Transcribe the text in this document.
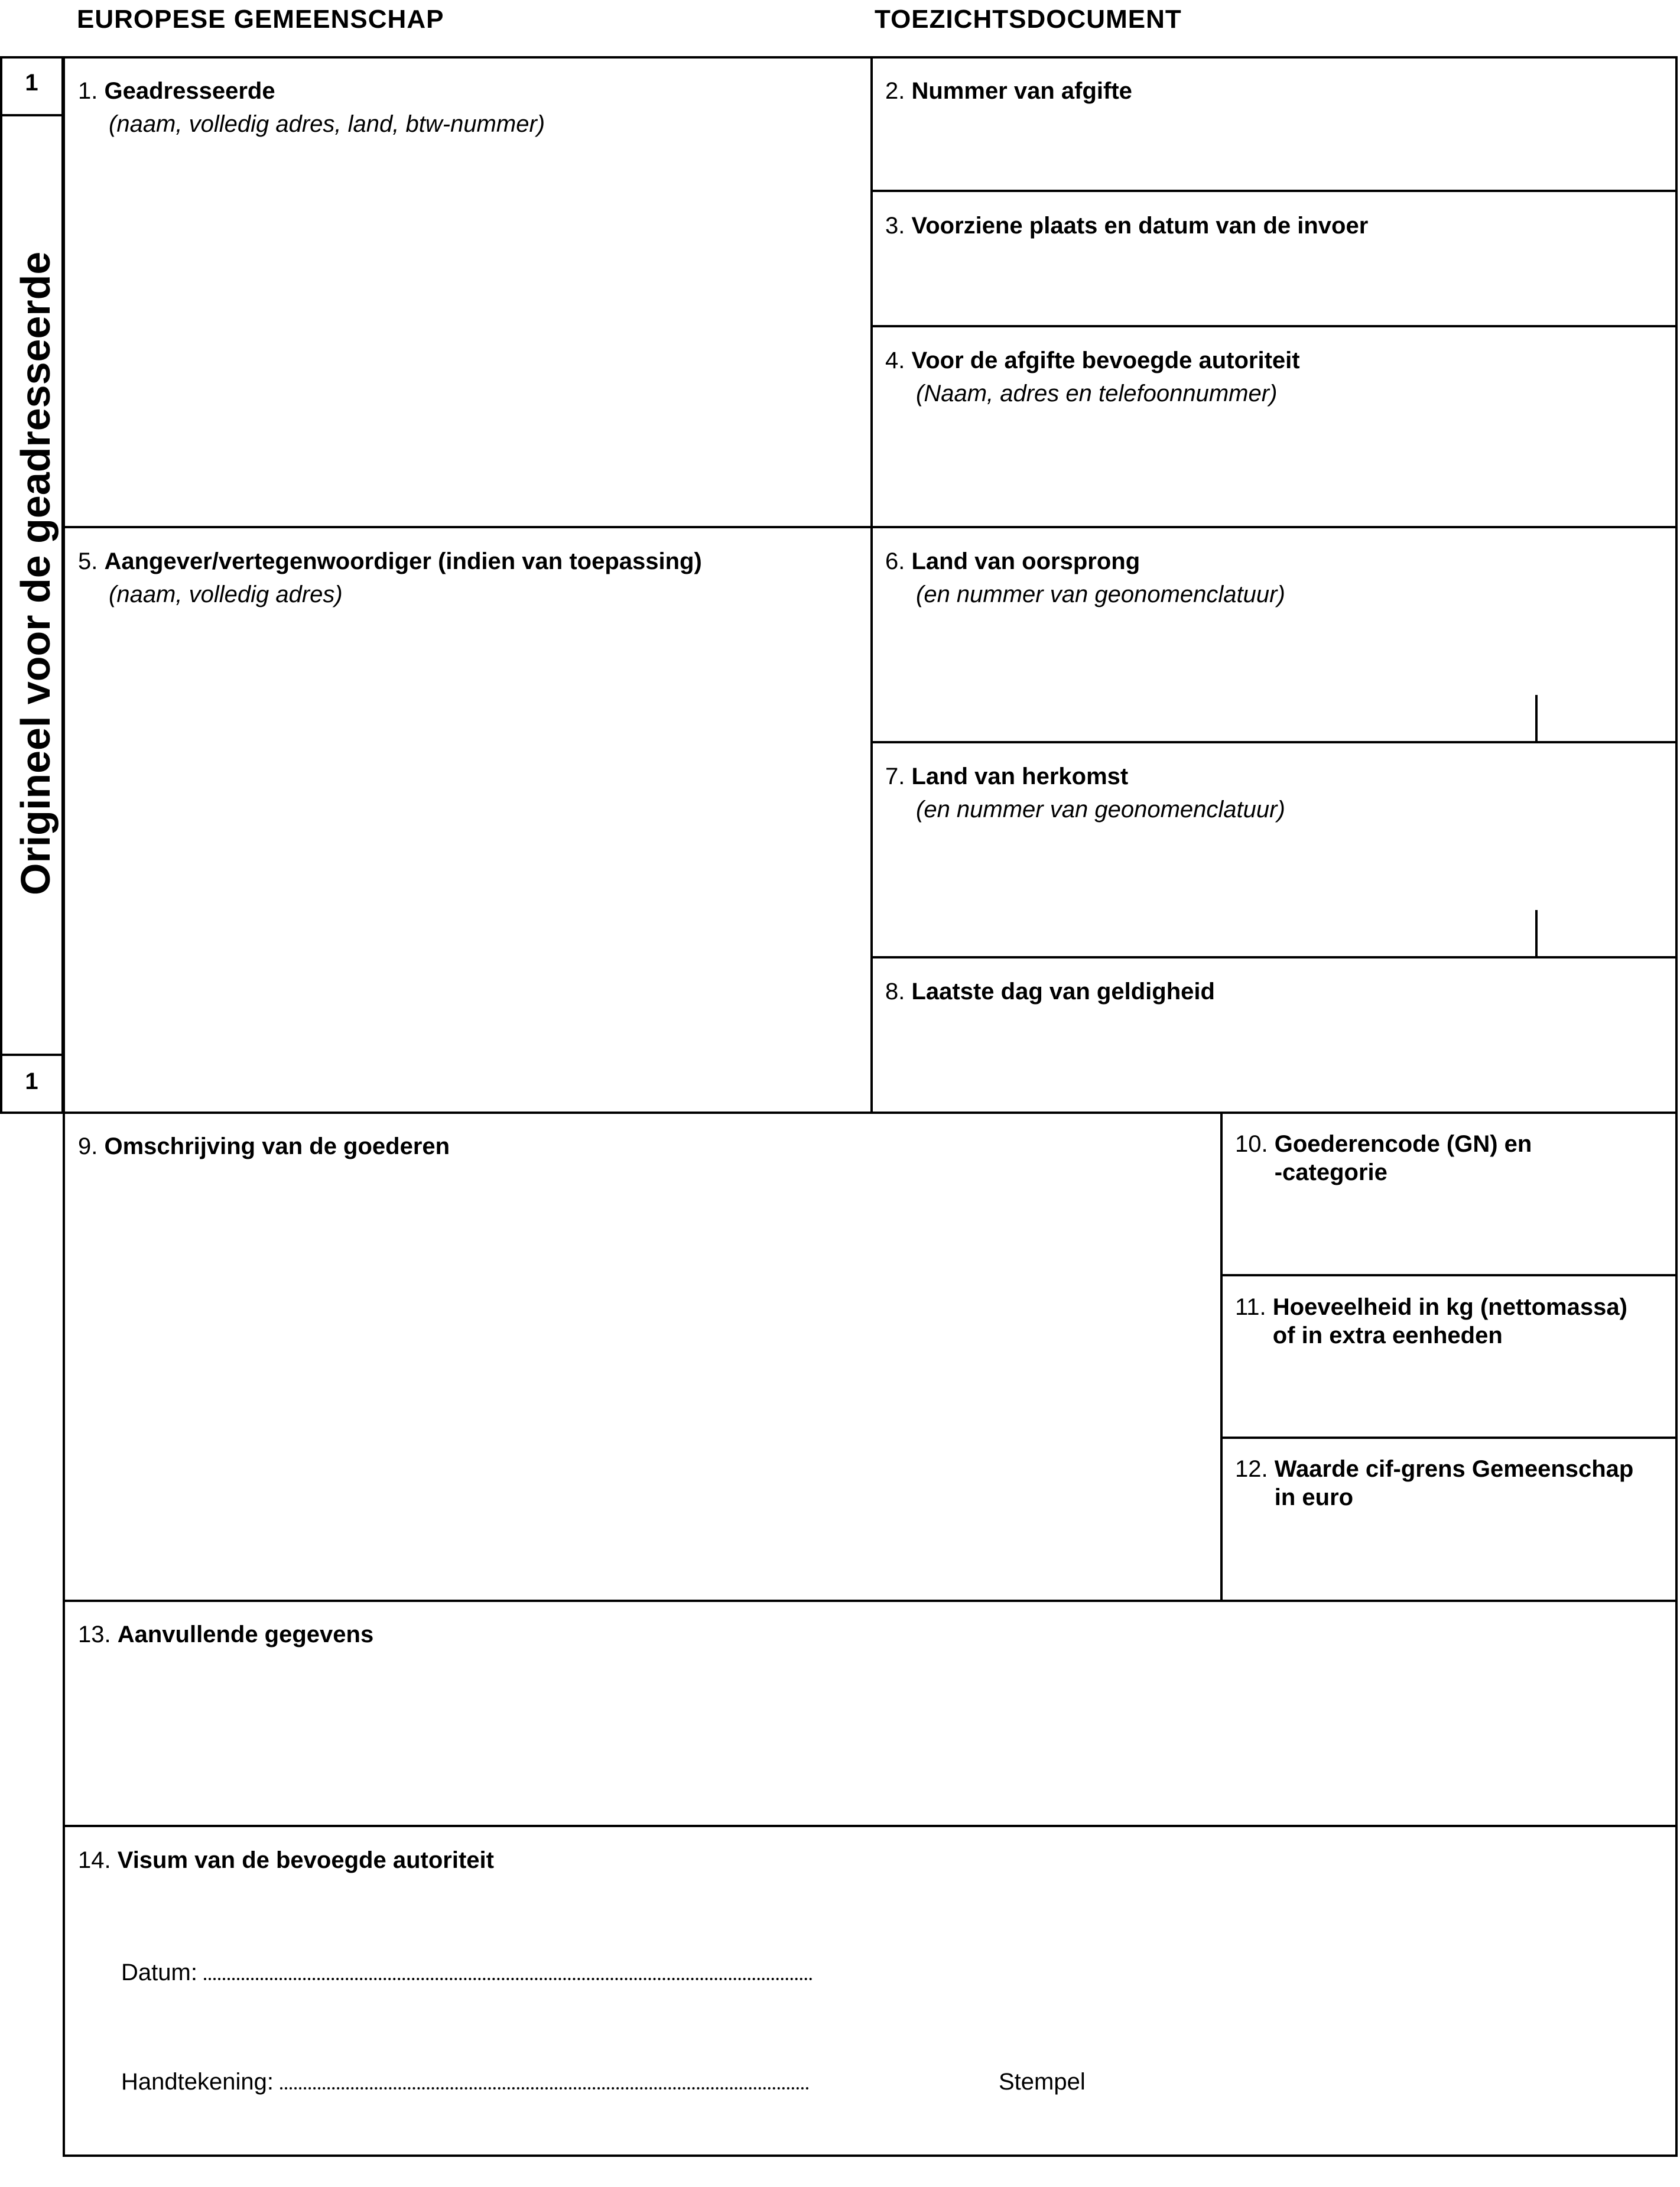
EUROPESE GEMEENSCHAP	TOEZICHTSDOCUMENT
1
1
Origineel voor de geadresseerde
1. Geadresseerde
(naam, volledig adres, land, btw-nummer)
2. Nummer van afgifte
3. Voorziene plaats en datum van de invoer
4. Voor de afgifte bevoegde autoriteit
(Naam, adres en telefoonnummer)
5. Aangever/vertegenwoordiger (indien van toepassing)
(naam, volledig adres)
6. Land van oorsprong
(en nummer van geonomenclatuur)
7. Land van herkomst
(en nummer van geonomenclatuur)
8. Laatste dag van geldigheid
9. Omschrijving van de goederen	10. Goederencode (GN) en
-categorie
11. Hoeveelheid in kg (nettomassa)
of in extra eenheden
12. Waarde cif-grens Gemeenschap
in euro
13. Aanvullende gegevens
14. Visum van de bevoegde autoriteit
Datum:
Handtekening:	Stempel
